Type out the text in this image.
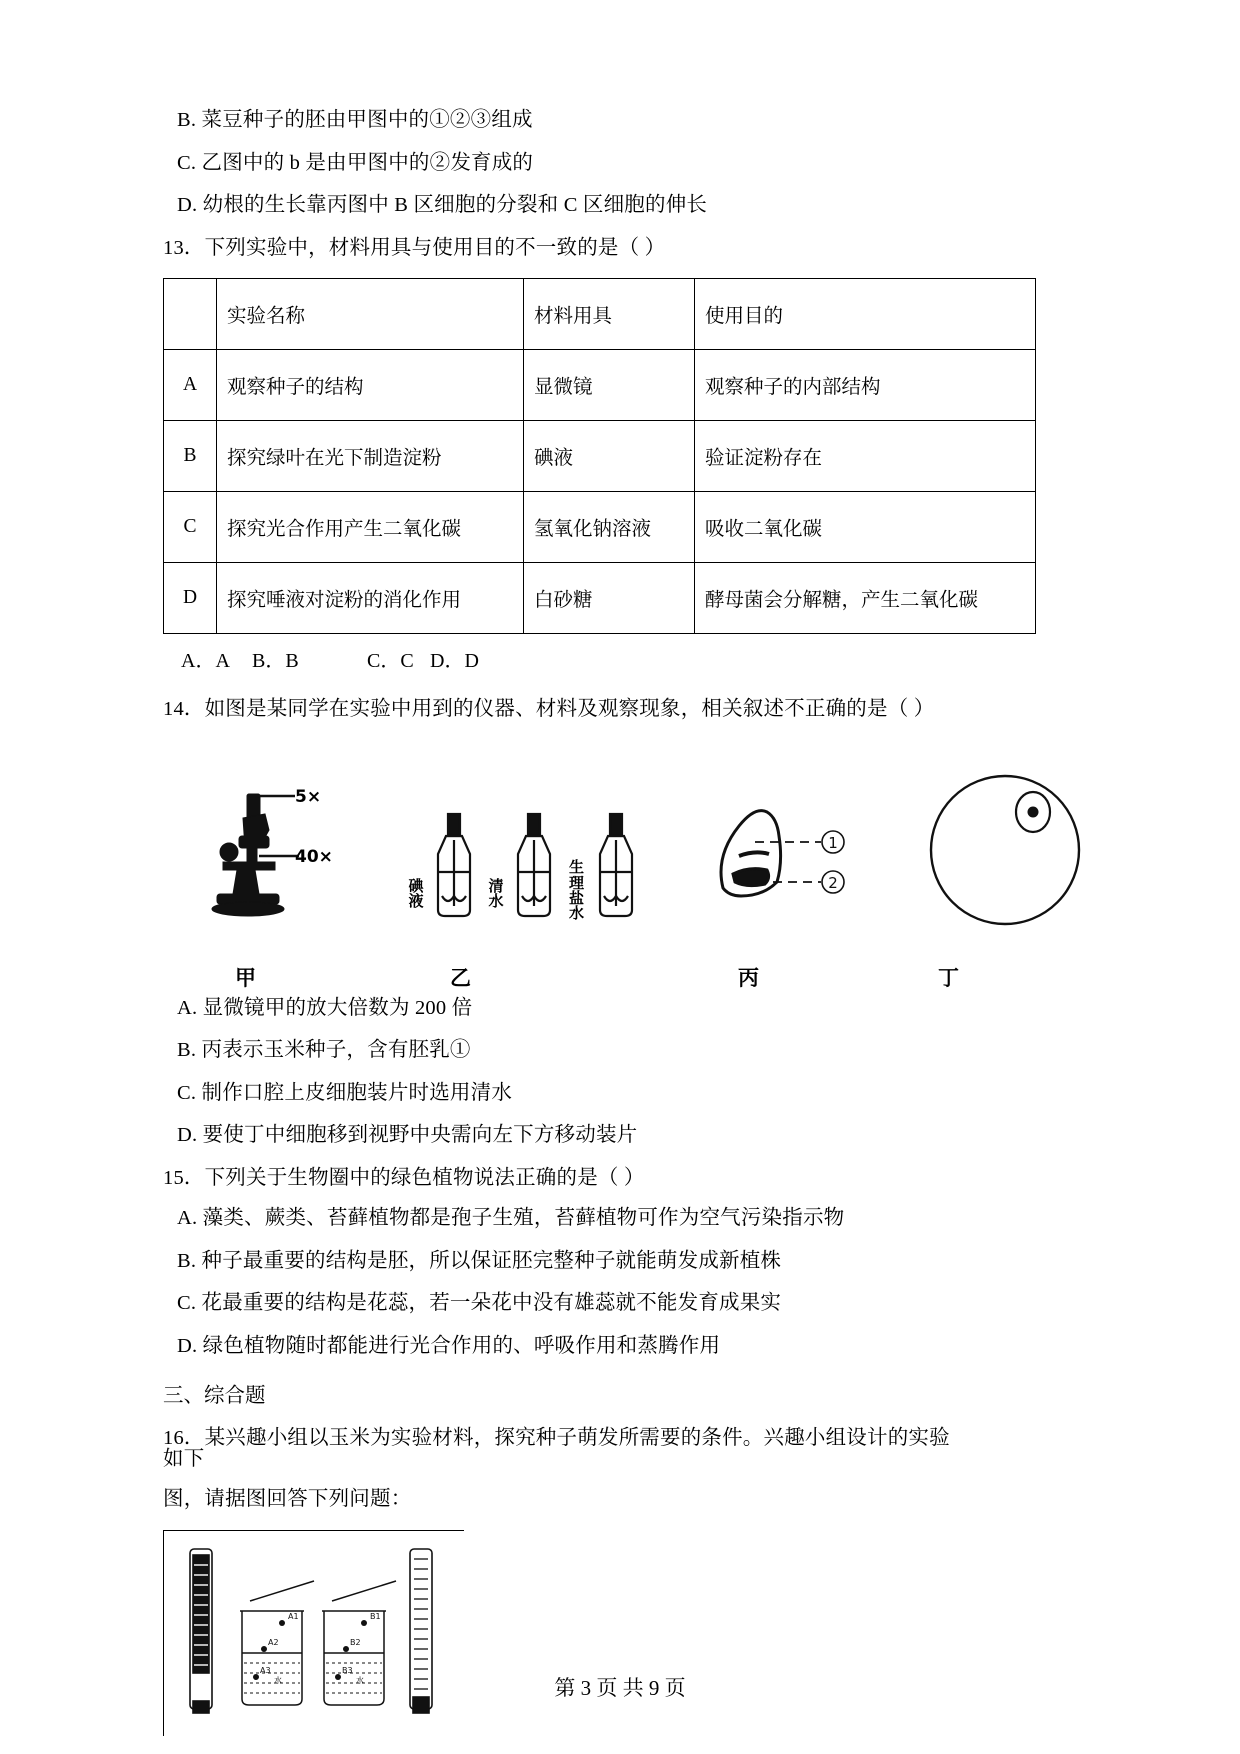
B. 菜豆种子的胚由甲图中的①②③组成
C. 乙图中的 b 是由甲图中的②发育成的
D. 幼根的生长靠丙图中 B 区细胞的分裂和 C 区细胞的伸长
13．下列实验中，材料用具与使用目的不一致的是（ ）
	实验名称	材料用具	使用目的
A	观察种子的结构	显微镜	观察种子的内部结构
B	探究绿叶在光下制造淀粉	碘液	验证淀粉存在
C	探究光合作用产生二氧化碳	氢氧化钠溶液	吸收二氧化碳
D	探究唾液对淀粉的消化作用	白砂糖	酵母菌会分解糖，产生二氧化碳
A．A B．B	C．C D．D
14．如图是某同学在实验中用到的仪器、材料及观察现象，相关叙述不正确的是（ ）
5×
40×
碘液
清水
生理盐水
1
2
甲	乙	丙	丁
A. 显微镜甲的放大倍数为 200 倍
B. 丙表示玉米种子，含有胚乳①
C. 制作口腔上皮细胞装片时选用清水
D. 要使丁中细胞移到视野中央需向左下方移动装片
15．下列关于生物圈中的绿色植物说法正确的是（ ）
A. 藻类、蕨类、苔藓植物都是孢子生殖，苔藓植物可作为空气污染指示物
B. 种子最重要的结构是胚，所以保证胚完整种子就能萌发成新植株
C. 花最重要的结构是花蕊，若一朵花中没有雄蕊就不能发育成果实
D. 绿色植物随时都能进行光合作用的、呼吸作用和蒸腾作用
三、综合题
16．某兴趣小组以玉米为实验材料，探究种子萌发所需要的条件。兴趣小组设计的实验如下
图，请据图回答下列问题：
A1
A2
A3
水
B1
B2
B3
水	第 3 页 共 9 页
